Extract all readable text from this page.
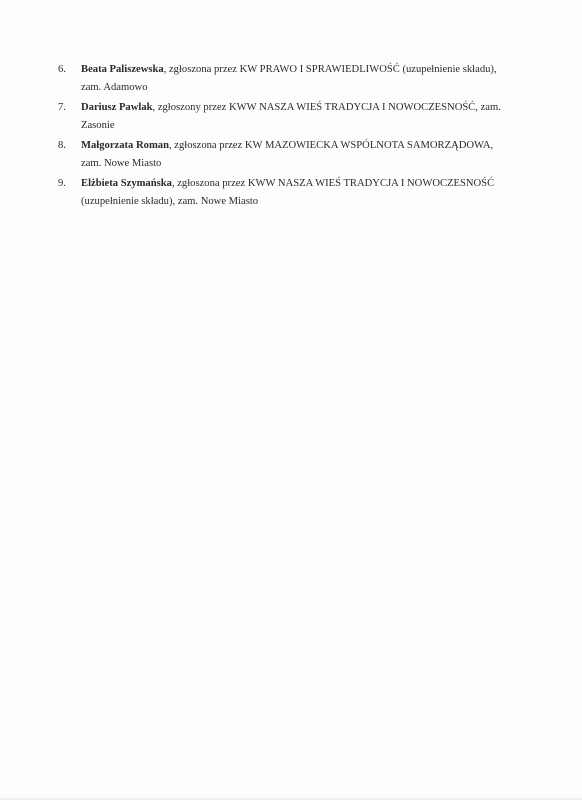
6. Beata Paliszewska, zgłoszona przez KW PRAWO I SPRAWIEDLIWOŚĆ (uzupełnienie składu),
zam. Adamowo
7. Dariusz Pawlak, zgłoszony przez KWW NASZA WIEŚ TRADYCJA I NOWOCZESNOŚĆ, zam.
Zasonie
8. Małgorzata Roman, zgłoszona przez KW MAZOWIECKA WSPÓLNOTA SAMORZĄDOWA,
zam. Nowe Miasto
9. Elżbieta Szymańska, zgłoszona przez KWW NASZA WIEŚ TRADYCJA I NOWOCZESNOŚĆ
(uzupełnienie składu), zam. Nowe Miasto
